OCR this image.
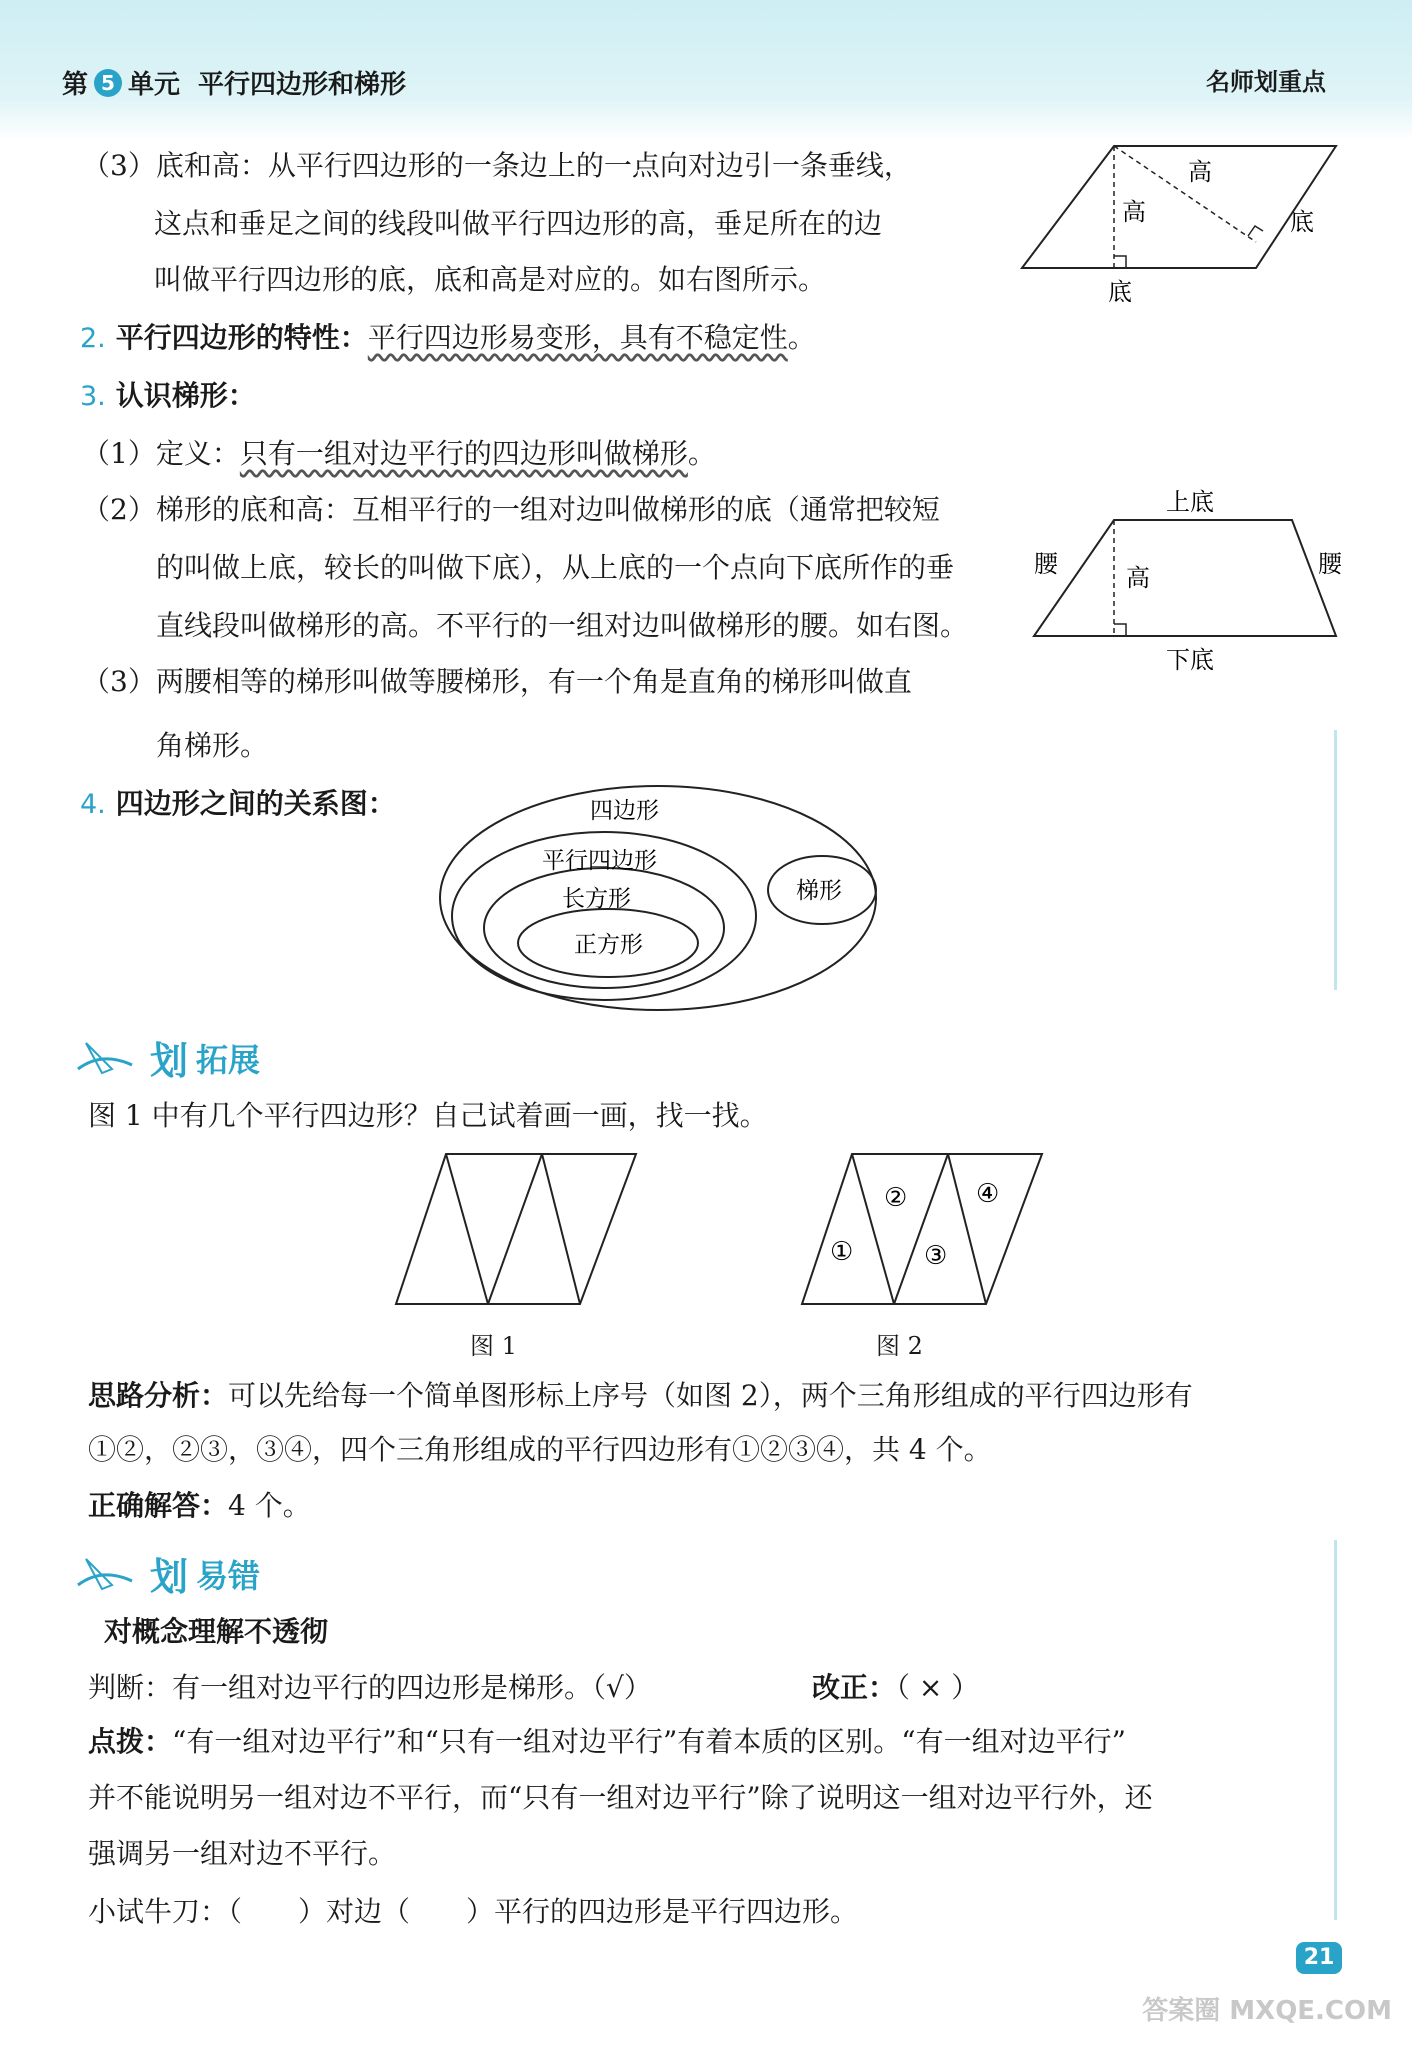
第 5 单元 平行四边形和梯形	名师划重点
（3）底和高：从平行四边形的一条边上的一点向对边引一条垂线，
这点和垂足之间的线段叫做平行四边形的高，垂足所在的边
叫做平行四边形的底，底和高是对应的。如右图所示。
高
高	底
底
2. 平行四边形的特性：平行四边形易变形，具有不稳定性。
3. 认识梯形：
（1）定义：只有一组对边平行的四边形叫做梯形。
（2）梯形的底和高：互相平行的一组对边叫做梯形的底（通常把较短
的叫做上底，较长的叫做下底），从上底的一个点向下底所作的垂
直线段叫做梯形的高。不平行的一组对边叫做梯形的腰。如右图。
（3）两腰相等的梯形叫做等腰梯形，有一个角是直角的梯形叫做直
角梯形。
上底
下底
腰	腰
高
4. 四边形之间的关系图：	四边形
平行四边形
长方形
正方形
梯形
划 拓展
图 1 中有几个平行四边形？自己试着画一画，找一找。
图 1
①
②
③
④
图 2
思路分析：可以先给每一个简单图形标上序号（如图 2），两个三角形组成的平行四边形有
①②，②③，③④，四个三角形组成的平行四边形有①②③④，共 4 个。
正确解答：4 个。
划 易错
对概念理解不透彻
判断：有一组对边平行的四边形是梯形。（√）	改正：（ × ）
点拨：“有一组对边平行”和“只有一组对边平行”有着本质的区别。“有一组对边平行”
并不能说明另一组对边不平行，而“只有一组对边平行”除了说明这一组对边平行外，还
强调另一组对边不平行。
小试牛刀：（　　）对边（　　）平行的四边形是平行四边形。
21
答案圈 MXQE.COM
